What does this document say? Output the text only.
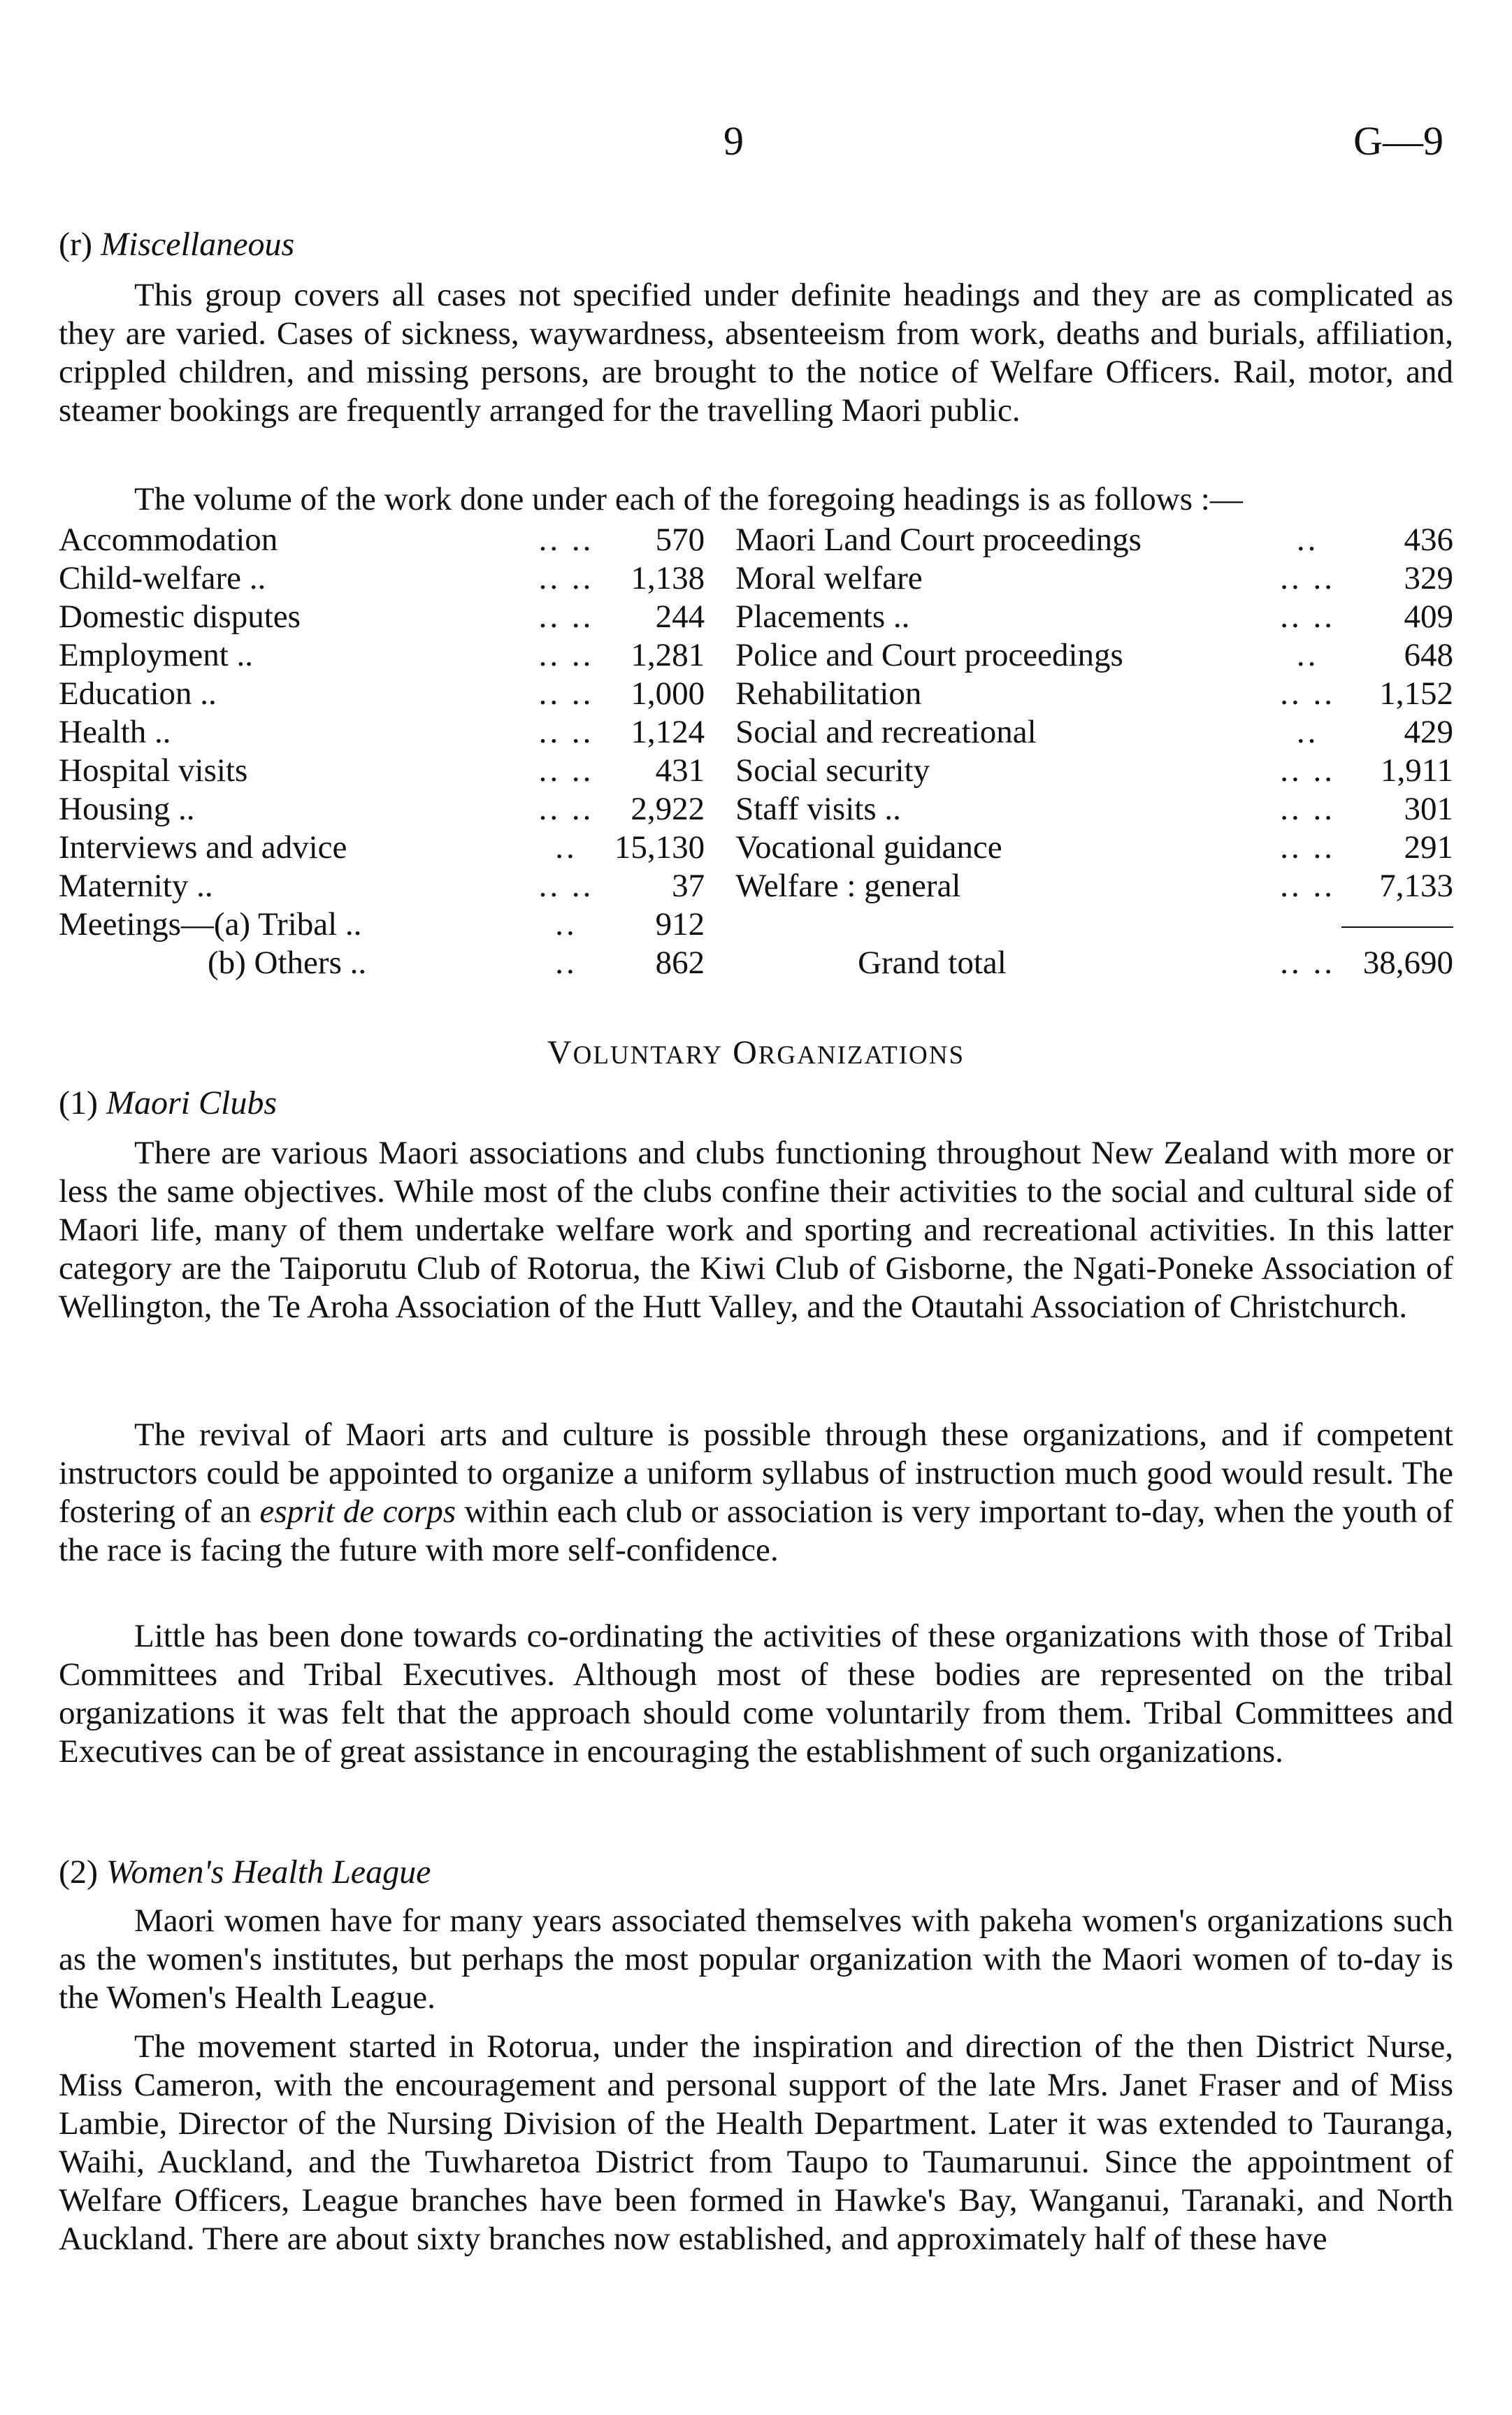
9	G—9
(r) Miscellaneous

This group covers all cases not specified under definite headings and they are as complicated as they are varied. Cases of sickness, waywardness, absenteeism from work, deaths and burials, affiliation, crippled children, and missing persons, are brought to the notice of Welfare Officers. Rail, motor, and steamer bookings are frequently arranged for the travelling Maori public.

The volume of the work done under each of the foregoing headings is as follows :—

Accommodation	.. ..	570	Maori Land Court proceedings	..	436
Child-welfare ..	.. ..	1,138	Moral welfare	.. ..	329
Domestic disputes	.. ..	244	Placements ..	.. ..	409
Employment ..	.. ..	1,281	Police and Court proceedings	..	648
Education ..	.. ..	1,000	Rehabilitation	.. ..	1,152
Health ..	.. ..	1,124	Social and recreational	..	429
Hospital visits	.. ..	431	Social security	.. ..	1,911
Housing ..	.. ..	2,922	Staff visits ..	.. ..	301
Interviews and advice	..	15,130	Vocational guidance	.. ..	291
Maternity ..	.. ..	37	Welfare : general	.. ..	7,133
Meetings—(a) Tribal ..	..	912			
(b) Others ..	..	862	Grand total	.. ..	38,690
VOLUNTARY ORGANIZATIONS
(1) Maori Clubs

There are various Maori associations and clubs functioning throughout New Zealand with more or less the same objectives. While most of the clubs confine their activities to the social and cultural side of Maori life, many of them undertake welfare work and sporting and recreational activities. In this latter category are the Taiporutu Club of Rotorua, the Kiwi Club of Gisborne, the Ngati-Poneke Association of Wellington, the Te Aroha Association of the Hutt Valley, and the Otautahi Association of Christchurch.

The revival of Maori arts and culture is possible through these organizations, and if competent instructors could be appointed to organize a uniform syllabus of instruction much good would result. The fostering of an esprit de corps within each club or association is very important to-day, when the youth of the race is facing the future with more self-confidence.

Little has been done towards co-ordinating the activities of these organizations with those of Tribal Committees and Tribal Executives. Although most of these bodies are represented on the tribal organizations it was felt that the approach should come voluntarily from them. Tribal Committees and Executives can be of great assistance in encouraging the establishment of such organizations.

(2) Women's Health League

Maori women have for many years associated themselves with pakeha women's organizations such as the women's institutes, but perhaps the most popular organization with the Maori women of to-day is the Women's Health League.

The movement started in Rotorua, under the inspiration and direction of the then District Nurse, Miss Cameron, with the encouragement and personal support of the late Mrs. Janet Fraser and of Miss Lambie, Director of the Nursing Division of the Health Department. Later it was extended to Tauranga, Waihi, Auckland, and the Tuwharetoa District from Taupo to Taumarunui. Since the appointment of Welfare Officers, League branches have been formed in Hawke's Bay, Wanganui, Taranaki, and North Auckland. There are about sixty branches now established, and approximately half of these have
